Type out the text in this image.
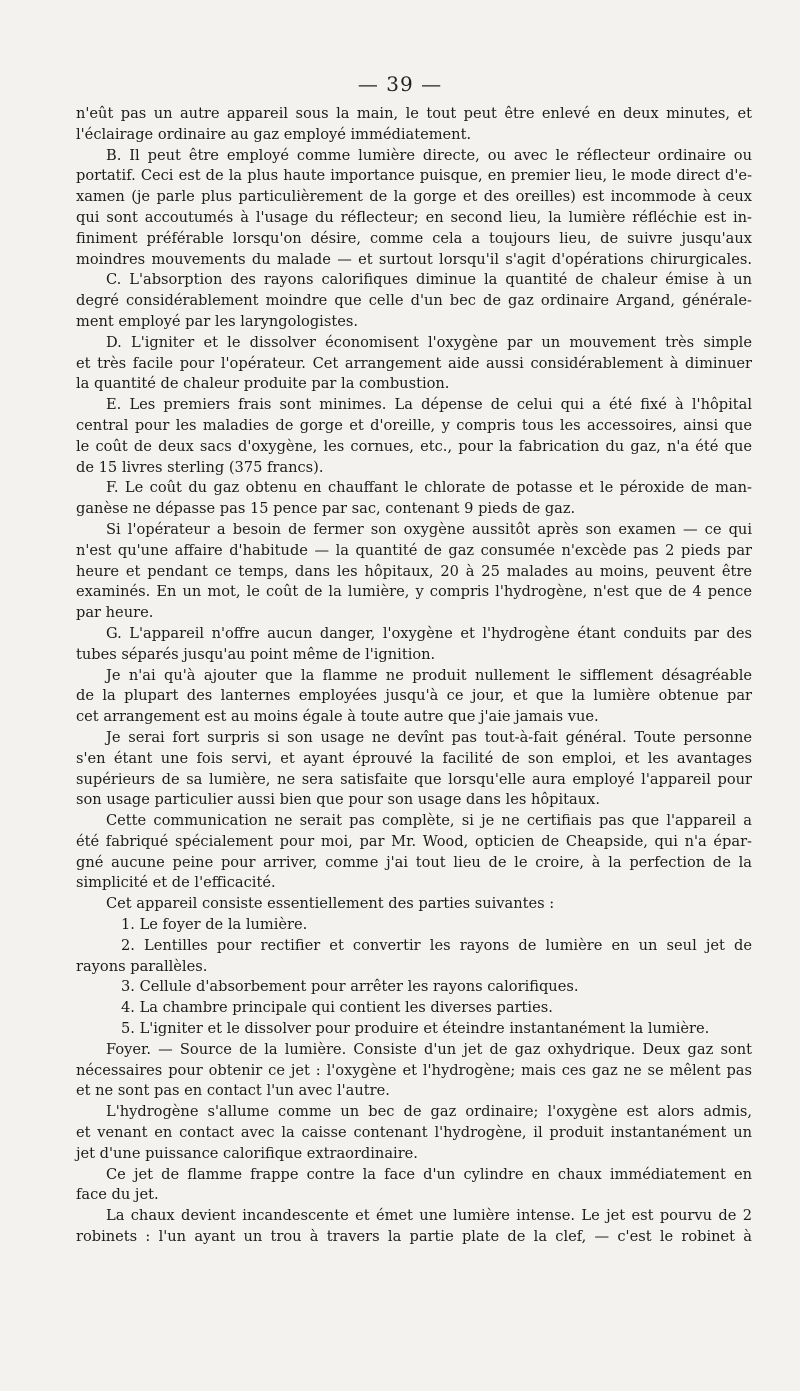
— 39 —
n'eût pas un autre appareil sous la main, le tout peut être enlevé en deux minutes, et
l'éclairage ordinaire au gaz employé immédiatement.
B. Il peut être employé comme lumière directe, ou avec le réflecteur ordinaire ou
portatif. Ceci est de la plus haute importance puisque, en premier lieu, le mode direct d'e-
xamen (je parle plus particulièrement de la gorge et des oreilles) est incommode à ceux
qui sont accoutumés à l'usage du réflecteur; en second lieu, la lumière réfléchie est in-
finiment préférable lorsqu'on désire, comme cela a toujours lieu, de suivre jusqu'aux
moindres mouvements du malade — et surtout lorsqu'il s'agit d'opérations chirurgicales.
C. L'absorption des rayons calorifiques diminue la quantité de chaleur émise à un
degré considérablement moindre que celle d'un bec de gaz ordinaire Argand, générale-
ment employé par les laryngologistes.
D. L'igniter et le dissolver économisent l'oxygène par un mouvement très simple
et très facile pour l'opérateur. Cet arrangement aide aussi considérablement à diminuer
la quantité de chaleur produite par la combustion.
E. Les premiers frais sont minimes. La dépense de celui qui a été fixé à l'hôpital
central pour les maladies de gorge et d'oreille, y compris tous les accessoires, ainsi que
le coût de deux sacs d'oxygène, les cornues, etc., pour la fabrication du gaz, n'a été que
de 15 livres sterling (375 francs).
F. Le coût du gaz obtenu en chauffant le chlorate de potasse et le péroxide de man-
ganèse ne dépasse pas 15 pence par sac, contenant 9 pieds de gaz.
Si l'opérateur a besoin de fermer son oxygène aussitôt après son examen — ce qui
n'est qu'une affaire d'habitude — la quantité de gaz consumée n'excède pas 2 pieds par
heure et pendant ce temps, dans les hôpitaux, 20 à 25 malades au moins, peuvent être
examinés. En un mot, le coût de la lumière, y compris l'hydrogène, n'est que de 4 pence
par heure.
G. L'appareil n'offre aucun danger, l'oxygène et l'hydrogène étant conduits par des
tubes séparés jusqu'au point même de l'ignition.
Je n'ai qu'à ajouter que la flamme ne produit nullement le sifflement désagréable
de la plupart des lanternes employées jusqu'à ce jour, et que la lumière obtenue par
cet arrangement est au moins égale à toute autre que j'aie jamais vue.
Je serai fort surpris si son usage ne devînt pas tout-à-fait général. Toute personne
s'en étant une fois servi, et ayant éprouvé la facilité de son emploi, et les avantages
supérieurs de sa lumière, ne sera satisfaite que lorsqu'elle aura employé l'appareil pour
son usage particulier aussi bien que pour son usage dans les hôpitaux.
Cette communication ne serait pas complète, si je ne certifiais pas que l'appareil a
été fabriqué spécialement pour moi, par Mr. Wood, opticien de Cheapside, qui n'a épar-
gné aucune peine pour arriver, comme j'ai tout lieu de le croire, à la perfection de la
simplicité et de l'efficacité.
Cet appareil consiste essentiellement des parties suivantes :
1. Le foyer de la lumière.
2. Lentilles pour rectifier et convertir les rayons de lumière en un seul jet de
rayons parallèles.
3. Cellule d'absorbement pour arrêter les rayons calorifiques.
4. La chambre principale qui contient les diverses parties.
5. L'igniter et le dissolver pour produire et éteindre instantanément la lumière.
Foyer. — Source de la lumière. Consiste d'un jet de gaz oxhydrique. Deux gaz sont
nécessaires pour obtenir ce jet : l'oxygène et l'hydrogène; mais ces gaz ne se mêlent pas
et ne sont pas en contact l'un avec l'autre.
L'hydrogène s'allume comme un bec de gaz ordinaire; l'oxygène est alors admis,
et venant en contact avec la caisse contenant l'hydrogène, il produit instantanément un
jet d'une puissance calorifique extraordinaire.
Ce jet de flamme frappe contre la face d'un cylindre en chaux immédiatement en
face du jet.
La chaux devient incandescente et émet une lumière intense. Le jet est pourvu de 2
robinets : l'un ayant un trou à travers la partie plate de la clef, — c'est le robinet à
